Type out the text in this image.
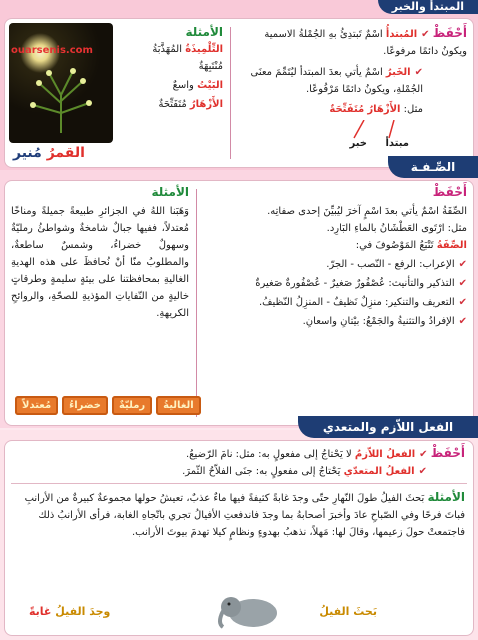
المبتدأ والخبر
أَحْفَظْ ✔المُبتدأُ اسْمٌ تَبتدِئُ بهِ الجُمْلةُ الاسمية ويكونُ دائمًا مرفوعًا.
✔الخَبرُ اسْمٌ يأتي بعدَ المبتدأ ليُتَمِّمَ معنَى الجُمْلةِ، ويكونُ دائمًا مَرْفُوعًا.
مثل: الأَزْهَارُ مُتَفَتِّحَةٌ
مبتدأ
خبر
الأمثلة
التِّلْمِيذَةُ المُهَذَّبَةُ مُنْتَبِهَةٌ
البَيْتُ واسعٌ
الأَزْهَارُ مُتَفَتِّحَةٌ
ouarsenis.com
القمرُ مُنير
الصِّـفـة
أَحْفَظْ
الصِّفَةُ اسْمٌ يأتي بعدَ اسْمٍ آخرَ ليُبيِّنَ إحدى صفاتِه.
مثل: ارْتَوى العَطْشَانُ بالماءِ البَارِد.
الصِّفَةُ تَتْبَعُ المَوْصُوفَ في:
✔الإعراب: الرفع - النّصب - الجرّ.
✔التذكير والتأنيث: عُصْفُورٌ صَغيرٌ - عُصْفُورةٌ صَغيرةٌ
✔التعريف والتنكير: منزِلٌ نَظيفٌ - المنزِلُ النّظيفُ.
✔الإفرادُ والتثنيةُ والجَمْعُ: بيْتانِ واسعانِ.
الأمثلة
وَهَبَنا اللهُ في الجزائرِ طبيعةً جميلةً ومناخًا مُعتدلاً، ففيها جبالٌ شامخةٌ وشواطئُ رمليّةٌ وسهولٌ خضراءُ، وشمسٌ ساطعةٌ، والمطلوبُ منّا أنْ نُحافظَ على هذه الهديةِ الغاليةِ بمحافظتنا على بيئةٍ سليمةٍ وطرقاتٍ خاليةٍ من النّفاياتِ المؤذيةِ للصحّةِ، والروائحِ الكريهةِ.
الغاليةُرمليّةٌخضراءُمُعتدلاً
الفعل اللاّزم والمتعدي
أَحْفَظْ ✔الفعلُ اللاّزمُ لا يَحْتاجُ إلى مفعولٍ به: مثل: نامَ الرّضيعُ.
✔الفعلُ المتعدّي يَحْتاجُ إلى مفعولٍ به: جنَى الفلاّحُ الثّمرَ.
الأمثلة بَحثَ الفيلُ طولَ النّهارِ حتّى وجدَ غابةً كثيفةً فيها ماءٌ عذبٌ، تعيشُ حولها مجموعةٌ كبيرةٌ من الأرانبِ فباتَ فرحًا وفي الصّباحِ عادَ وأخبرَ أصحابهُ بما وجدَ فاندفعتِ الأفيالُ تجري باتّجاهِ الغابة، فرأى الأرانبُ ذلك فاجتمعتْ حولَ زعيمها، وقالَ لها: مَهلاً، نذهبُ بهدوءٍ ونظامٍ كيلا تهدمَ بيوتَ الأرانب.
بَحثَ الفيلُ
وجدَ الفيلُ غابةً
